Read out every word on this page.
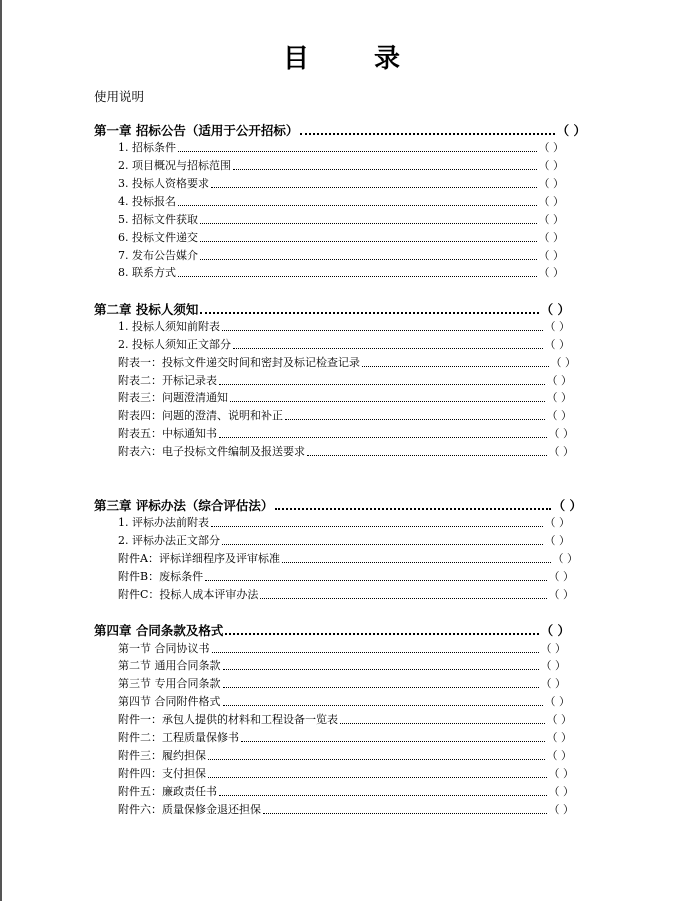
目 录
使用说明
第一章 招标公告（适用于公开招标）	（ ）
1. 招标条件	（ ）
2. 项目概况与招标范围	（ ）
3. 投标人资格要求	（ ）
4. 投标报名	（ ）
5. 招标文件获取	（ ）
6. 投标文件递交	（ ）
7. 发布公告媒介	（ ）
8. 联系方式	（ ）
第二章 投标人须知	（ ）
1. 投标人须知前附表	（ ）
2. 投标人须知正文部分	（ ）
附表一：投标文件递交时间和密封及标记检查记录	（ ）
附表二：开标记录表	（ ）
附表三：问题澄清通知	（ ）
附表四：问题的澄清、说明和补正	（ ）
附表五：中标通知书	（ ）
附表六：电子投标文件编制及报送要求	（ ）
第三章 评标办法（综合评估法）	（ ）
1. 评标办法前附表	（ ）
2. 评标办法正文部分	（ ）
附件A：评标详细程序及评审标准	（ ）
附件B：废标条件	（ ）
附件C：投标人成本评审办法	（ ）
第四章 合同条款及格式	（ ）
第一节 合同协议书	（ ）
第二节 通用合同条款	（ ）
第三节 专用合同条款	（ ）
第四节 合同附件格式	（ ）
附件一：承包人提供的材料和工程设备一览表	（ ）
附件二：工程质量保修书	（ ）
附件三：履约担保	（ ）
附件四：支付担保	（ ）
附件五：廉政责任书	（ ）
附件六：质量保修金退还担保	（ ）
